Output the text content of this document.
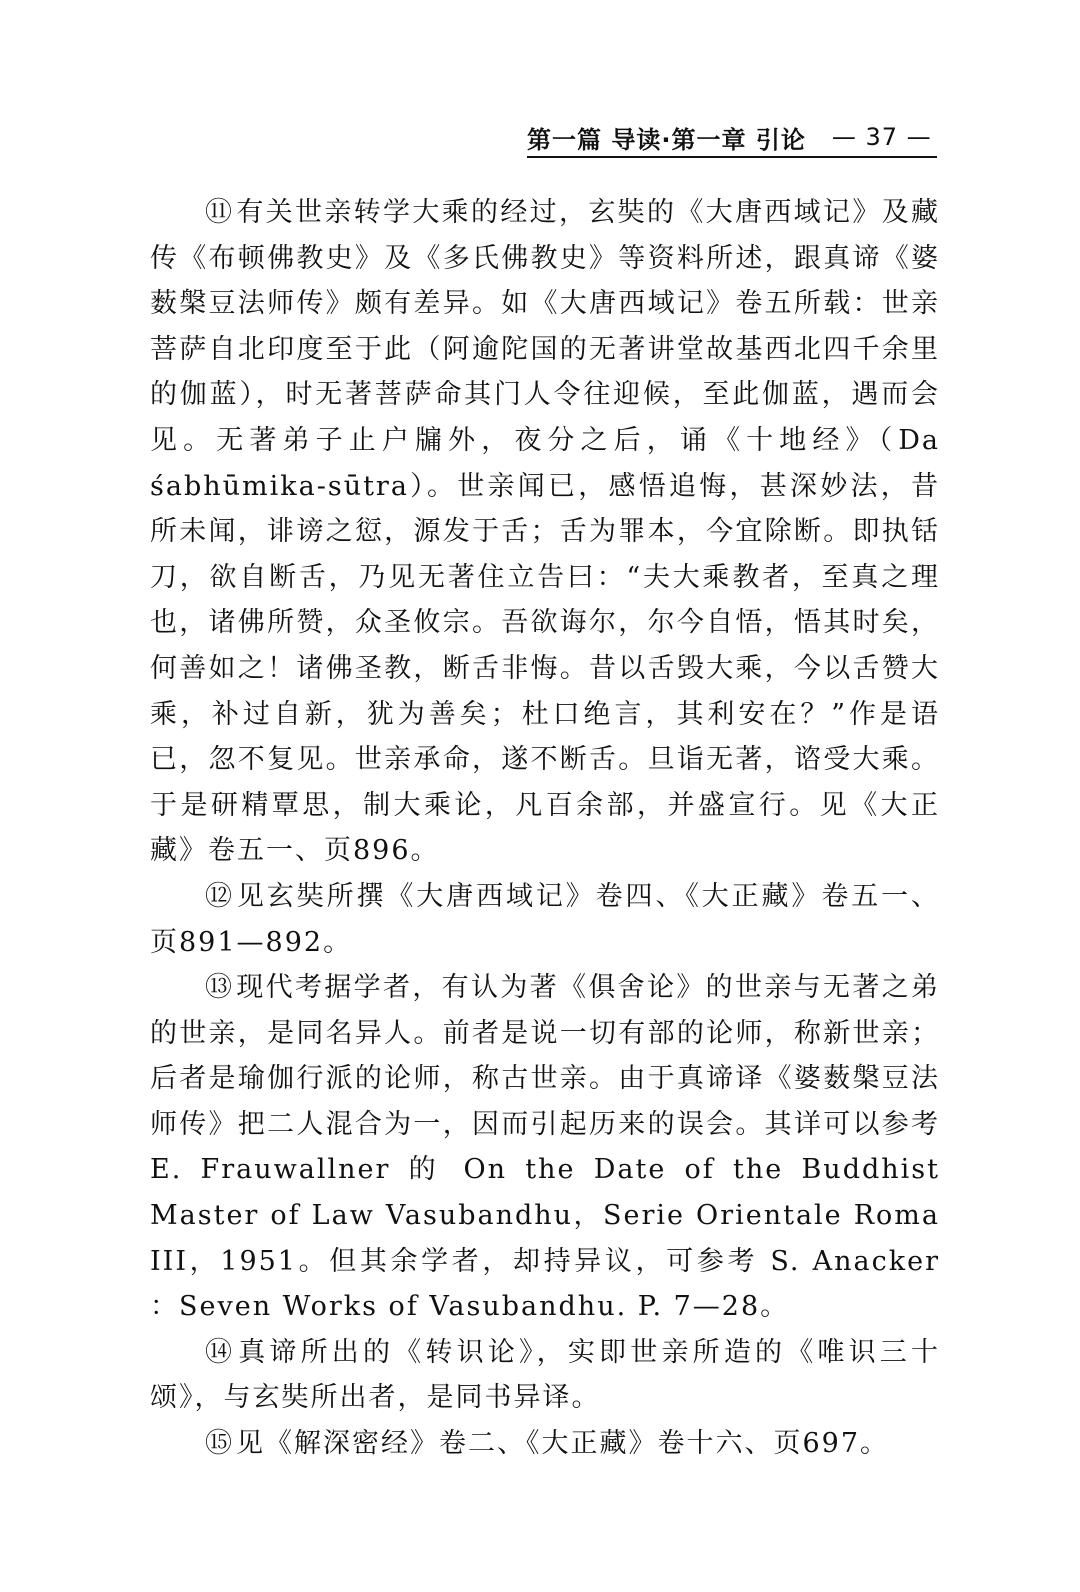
第一篇 导读·第一章 引论 — 37 —

⑪有关世亲转学大乘的经过，玄奘的《大唐西域记》及藏传《布顿佛教史》及《多氏佛教史》等资料所述，跟真谛《婆薮槃豆法师传》颇有差异。如《大唐西域记》卷五所载：世亲菩萨自北印度至于此（阿逾陀国的无著讲堂故基西北四千余里的伽蓝），时无著菩萨命其门人令往迎候，至此伽蓝，遇而会见。无著弟子止户牖外，夜分之后，诵《十地经》（Da śabhūmika-sūtra）。世亲闻已，感悟追悔，甚深妙法，昔所未闻，诽谤之愆，源发于舌；舌为罪本，今宜除断。即执铦刀，欲自断舌，乃见无著住立告曰：“夫大乘教者，至真之理也，诸佛所赞，众圣攸宗。吾欲诲尔，尔今自悟，悟其时矣，何善如之！诸佛圣教，断舌非悔。昔以舌毁大乘，今以舌赞大乘，补过自新，犹为善矣；杜口绝言，其利安在？”作是语已，忽不复见。世亲承命，遂不断舌。旦诣无著，谘受大乘。于是研精覃思，制大乘论，凡百余部，并盛宣行。见《大正藏》卷五一、页896。

⑫见玄奘所撰《大唐西域记》卷四、《大正藏》卷五一、页891—892。

⑬现代考据学者，有认为著《俱舍论》的世亲与无著之弟的世亲，是同名异人。前者是说一切有部的论师，称新世亲；后者是瑜伽行派的论师，称古世亲。由于真谛译《婆薮槃豆法师传》把二人混合为一，因而引起历来的误会。其详可以参考E. Frauwallner 的 On the Date of the Buddhist Master of Law Vasubandhu，Serie Orientale Roma III，1951。但其余学者，却持异议，可参考 S. Anacker ：Seven Works of Vasubandhu. P. 7—28。

⑭真谛所出的《转识论》，实即世亲所造的《唯识三十颂》，与玄奘所出者，是同书异译。

⑮见《解深密经》卷二、《大正藏》卷十六、页697。
